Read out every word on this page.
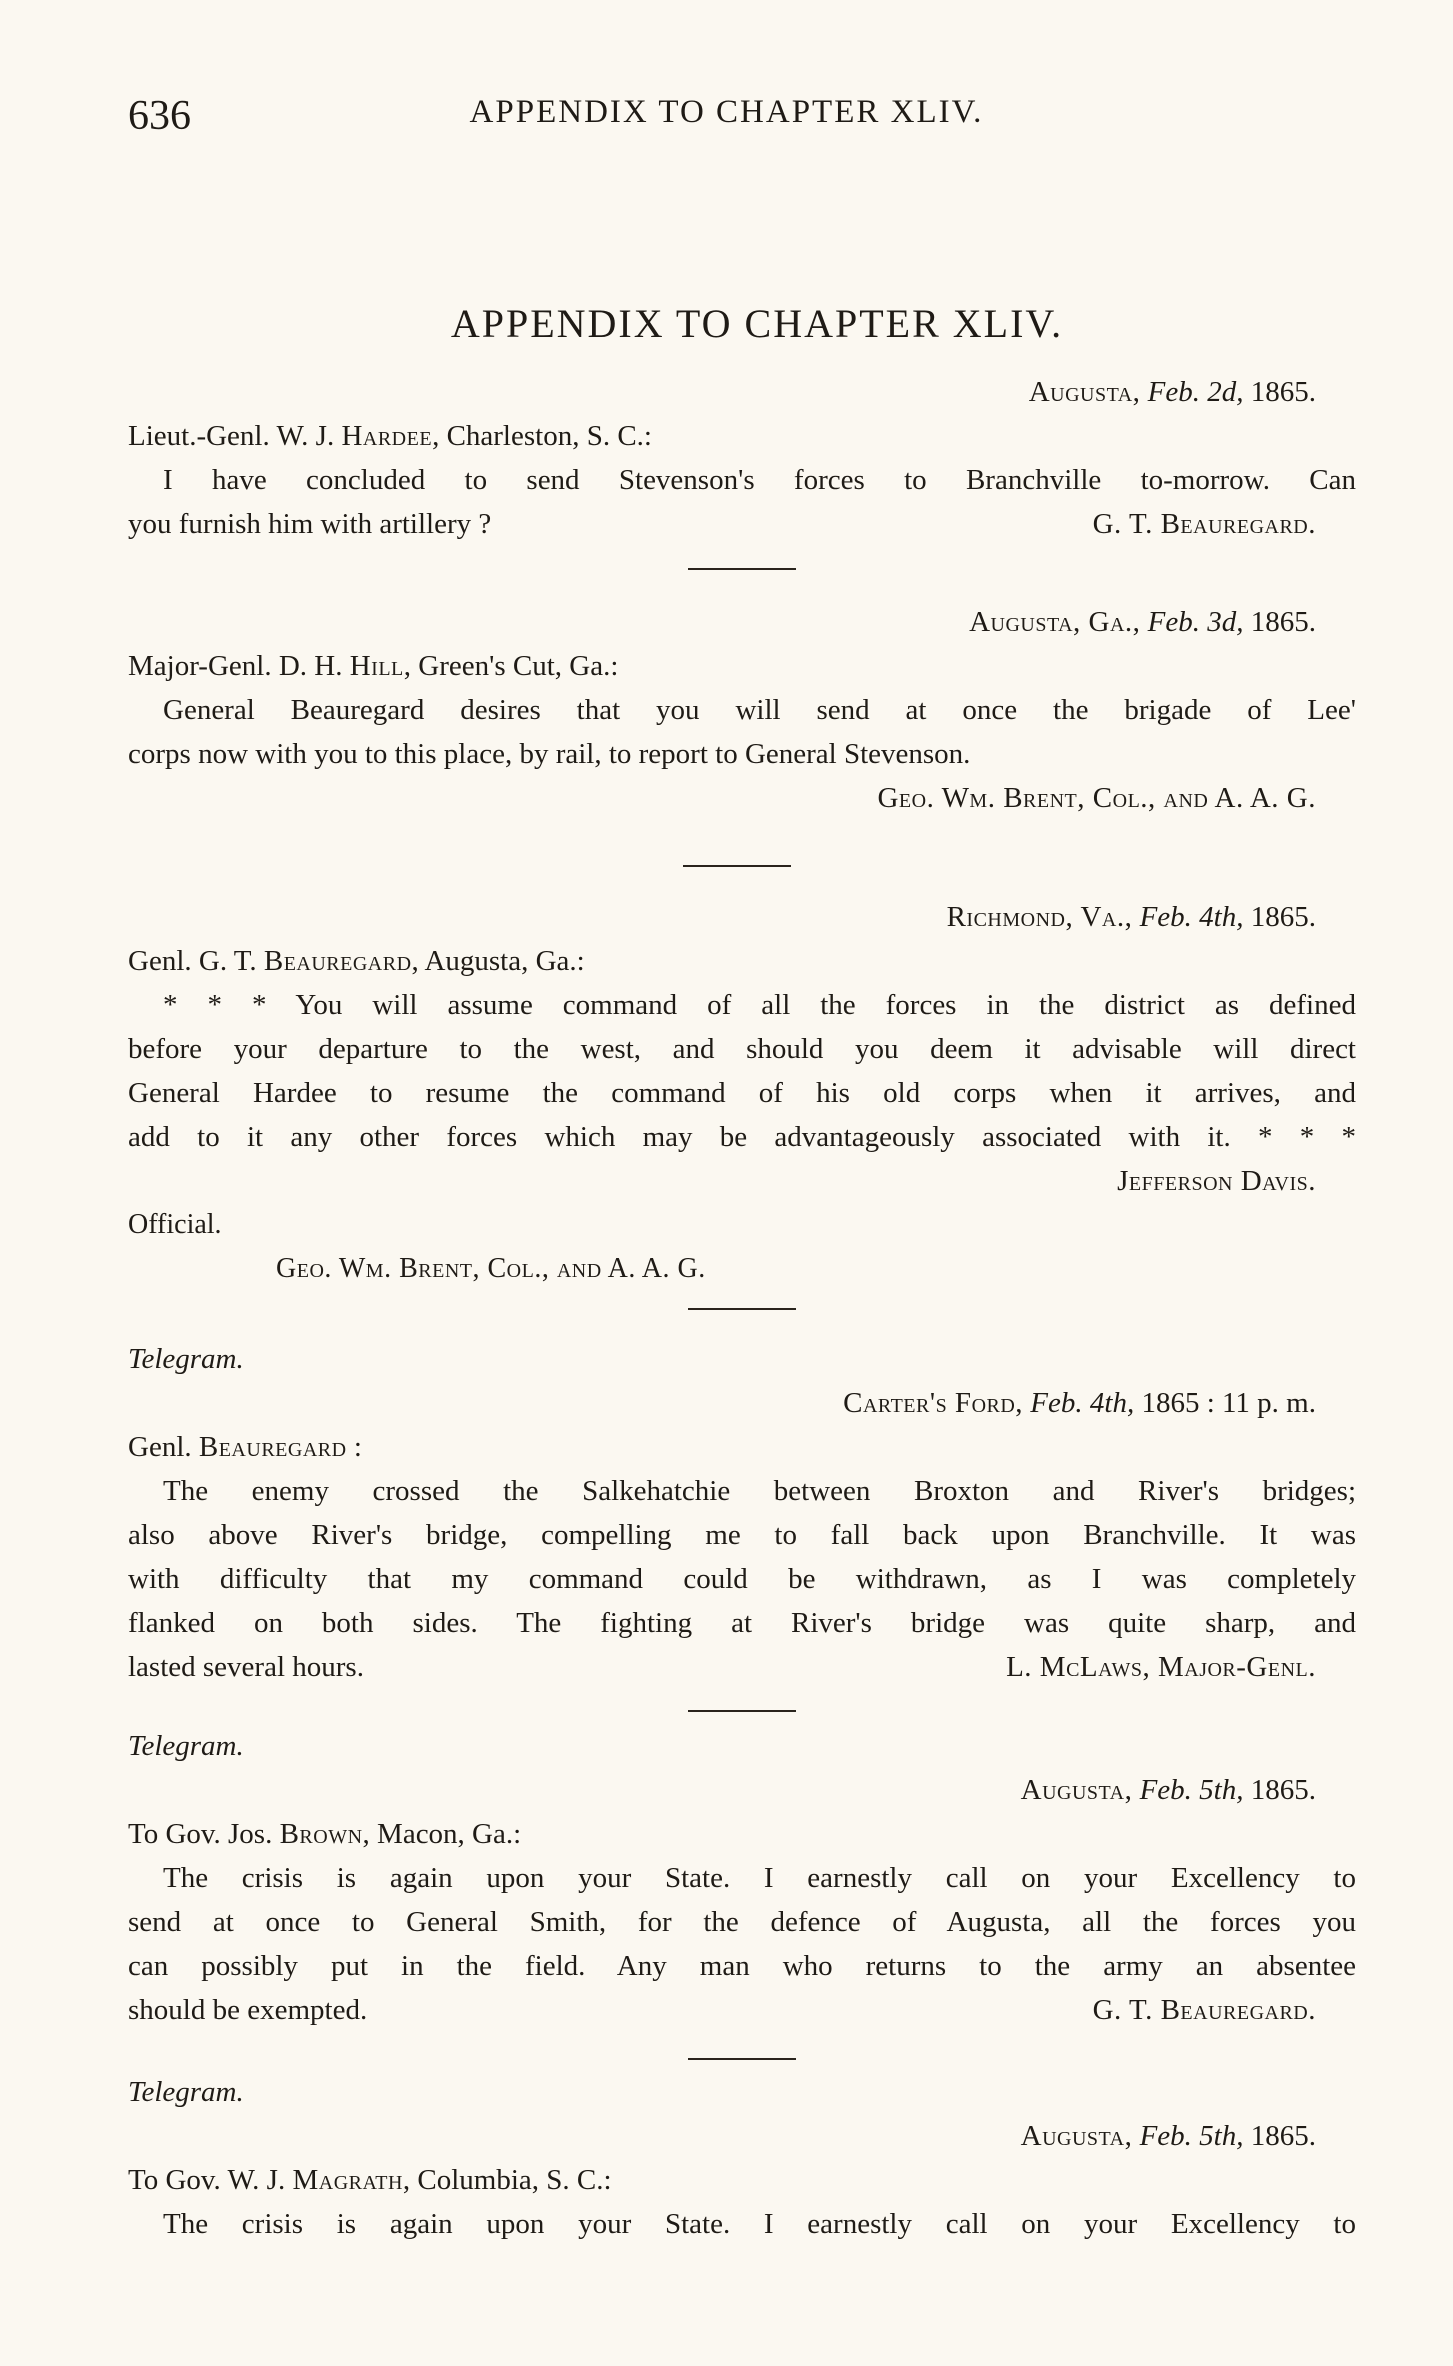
636	APPENDIX TO CHAPTER XLIV.
APPENDIX TO CHAPTER XLIV.
Augusta, Feb. 2d, 1865.
Lieut.-Genl. W. J. Hardee, Charleston, S. C.:
I have concluded to send Stevenson's forces to Branchville to-morrow. Can
you furnish him with artillery ?	G. T. Beauregard.
Augusta, Ga., Feb. 3d, 1865.
Major-Genl. D. H. Hill, Green's Cut, Ga.:
General Beauregard desires that you will send at once the brigade of Lee'
corps now with you to this place, by rail, to report to General Stevenson.
Geo. Wm. Brent, Col., and A. A. G.
Richmond, Va., Feb. 4th, 1865.
Genl. G. T. Beauregard, Augusta, Ga.:
* * * You will assume command of all the forces in the district as defined
before your departure to the west, and should you deem it advisable will direct
General Hardee to resume the command of his old corps when it arrives, and
add to it any other forces which may be advantageously associated with it. * * *
Jefferson Davis.
Official.
Geo. Wm. Brent, Col., and A. A. G.
Telegram.
Carter's Ford, Feb. 4th, 1865 : 11 p. m.
Genl. Beauregard :
The enemy crossed the Salkehatchie between Broxton and River's bridges;
also above River's bridge, compelling me to fall back upon Branchville. It was
with difficulty that my command could be withdrawn, as I was completely
flanked on both sides. The fighting at River's bridge was quite sharp, and
lasted several hours.	L. McLaws, Major-Genl.
Telegram.
Augusta, Feb. 5th, 1865.
To Gov. Jos. Brown, Macon, Ga.:
The crisis is again upon your State. I earnestly call on your Excellency to
send at once to General Smith, for the defence of Augusta, all the forces you
can possibly put in the field. Any man who returns to the army an absentee
should be exempted.	G. T. Beauregard.
Telegram.
Augusta, Feb. 5th, 1865.
To Gov. W. J. Magrath, Columbia, S. C.:
The crisis is again upon your State. I earnestly call on your Excellency to
